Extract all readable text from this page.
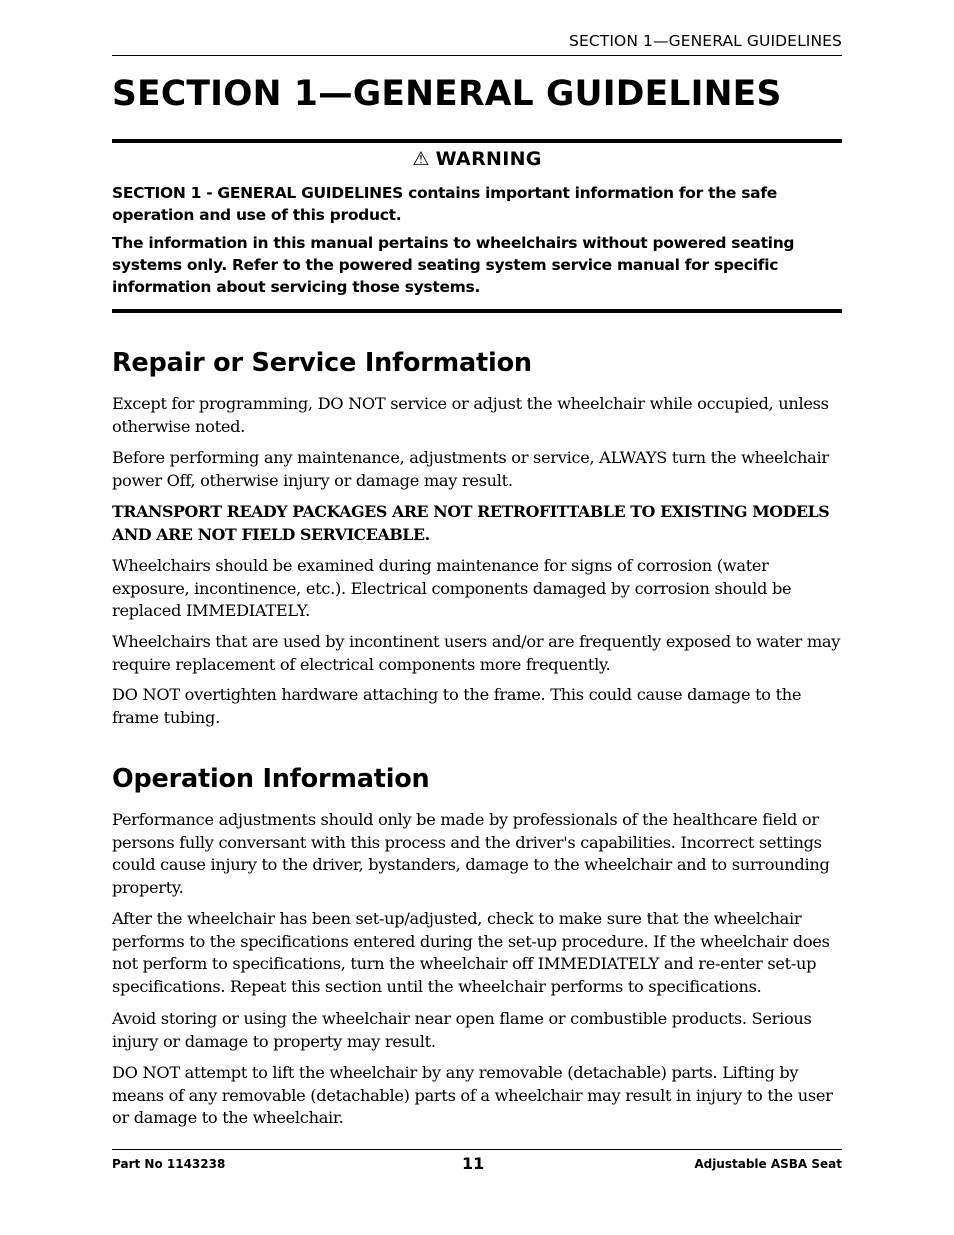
SECTION 1—GENERAL GUIDELINES
SECTION 1—GENERAL GUIDELINES
⚠ WARNING

SECTION 1 - GENERAL GUIDELINES contains important information for the safe operation and use of this product.

The information in this manual pertains to wheelchairs without powered seating systems only. Refer to the powered seating system service manual for specific information about servicing those systems.

Repair or Service Information

Except for programming, DO NOT service or adjust the wheelchair while occupied, unless otherwise noted.

Before performing any maintenance, adjustments or service, ALWAYS turn the wheelchair power Off, otherwise injury or damage may result.

TRANSPORT READY PACKAGES ARE NOT RETROFITTABLE TO EXISTING MODELS AND ARE NOT FIELD SERVICEABLE.

Wheelchairs should be examined during maintenance for signs of corrosion (water exposure, incontinence, etc.). Electrical components damaged by corrosion should be replaced IMMEDIATELY.

Wheelchairs that are used by incontinent users and/or are frequently exposed to water may require replacement of electrical components more frequently.

DO NOT overtighten hardware attaching to the frame. This could cause damage to the frame tubing.

Operation Information

Performance adjustments should only be made by professionals of the healthcare field or persons fully conversant with this process and the driver's capabilities. Incorrect settings could cause injury to the driver, bystanders, damage to the wheelchair and to surrounding property.

After the wheelchair has been set-up/adjusted, check to make sure that the wheelchair performs to the specifications entered during the set-up procedure. If the wheelchair does not perform to specifications, turn the wheelchair off IMMEDIATELY and re-enter set-up specifications. Repeat this section until the wheelchair performs to specifications.

Avoid storing or using the wheelchair near open flame or combustible products. Serious injury or damage to property may result.

DO NOT attempt to lift the wheelchair by any removable (detachable) parts. Lifting by means of any removable (detachable) parts of a wheelchair may result in injury to the user or damage to the wheelchair.

Part No 1143238	11	Adjustable ASBA Seat
